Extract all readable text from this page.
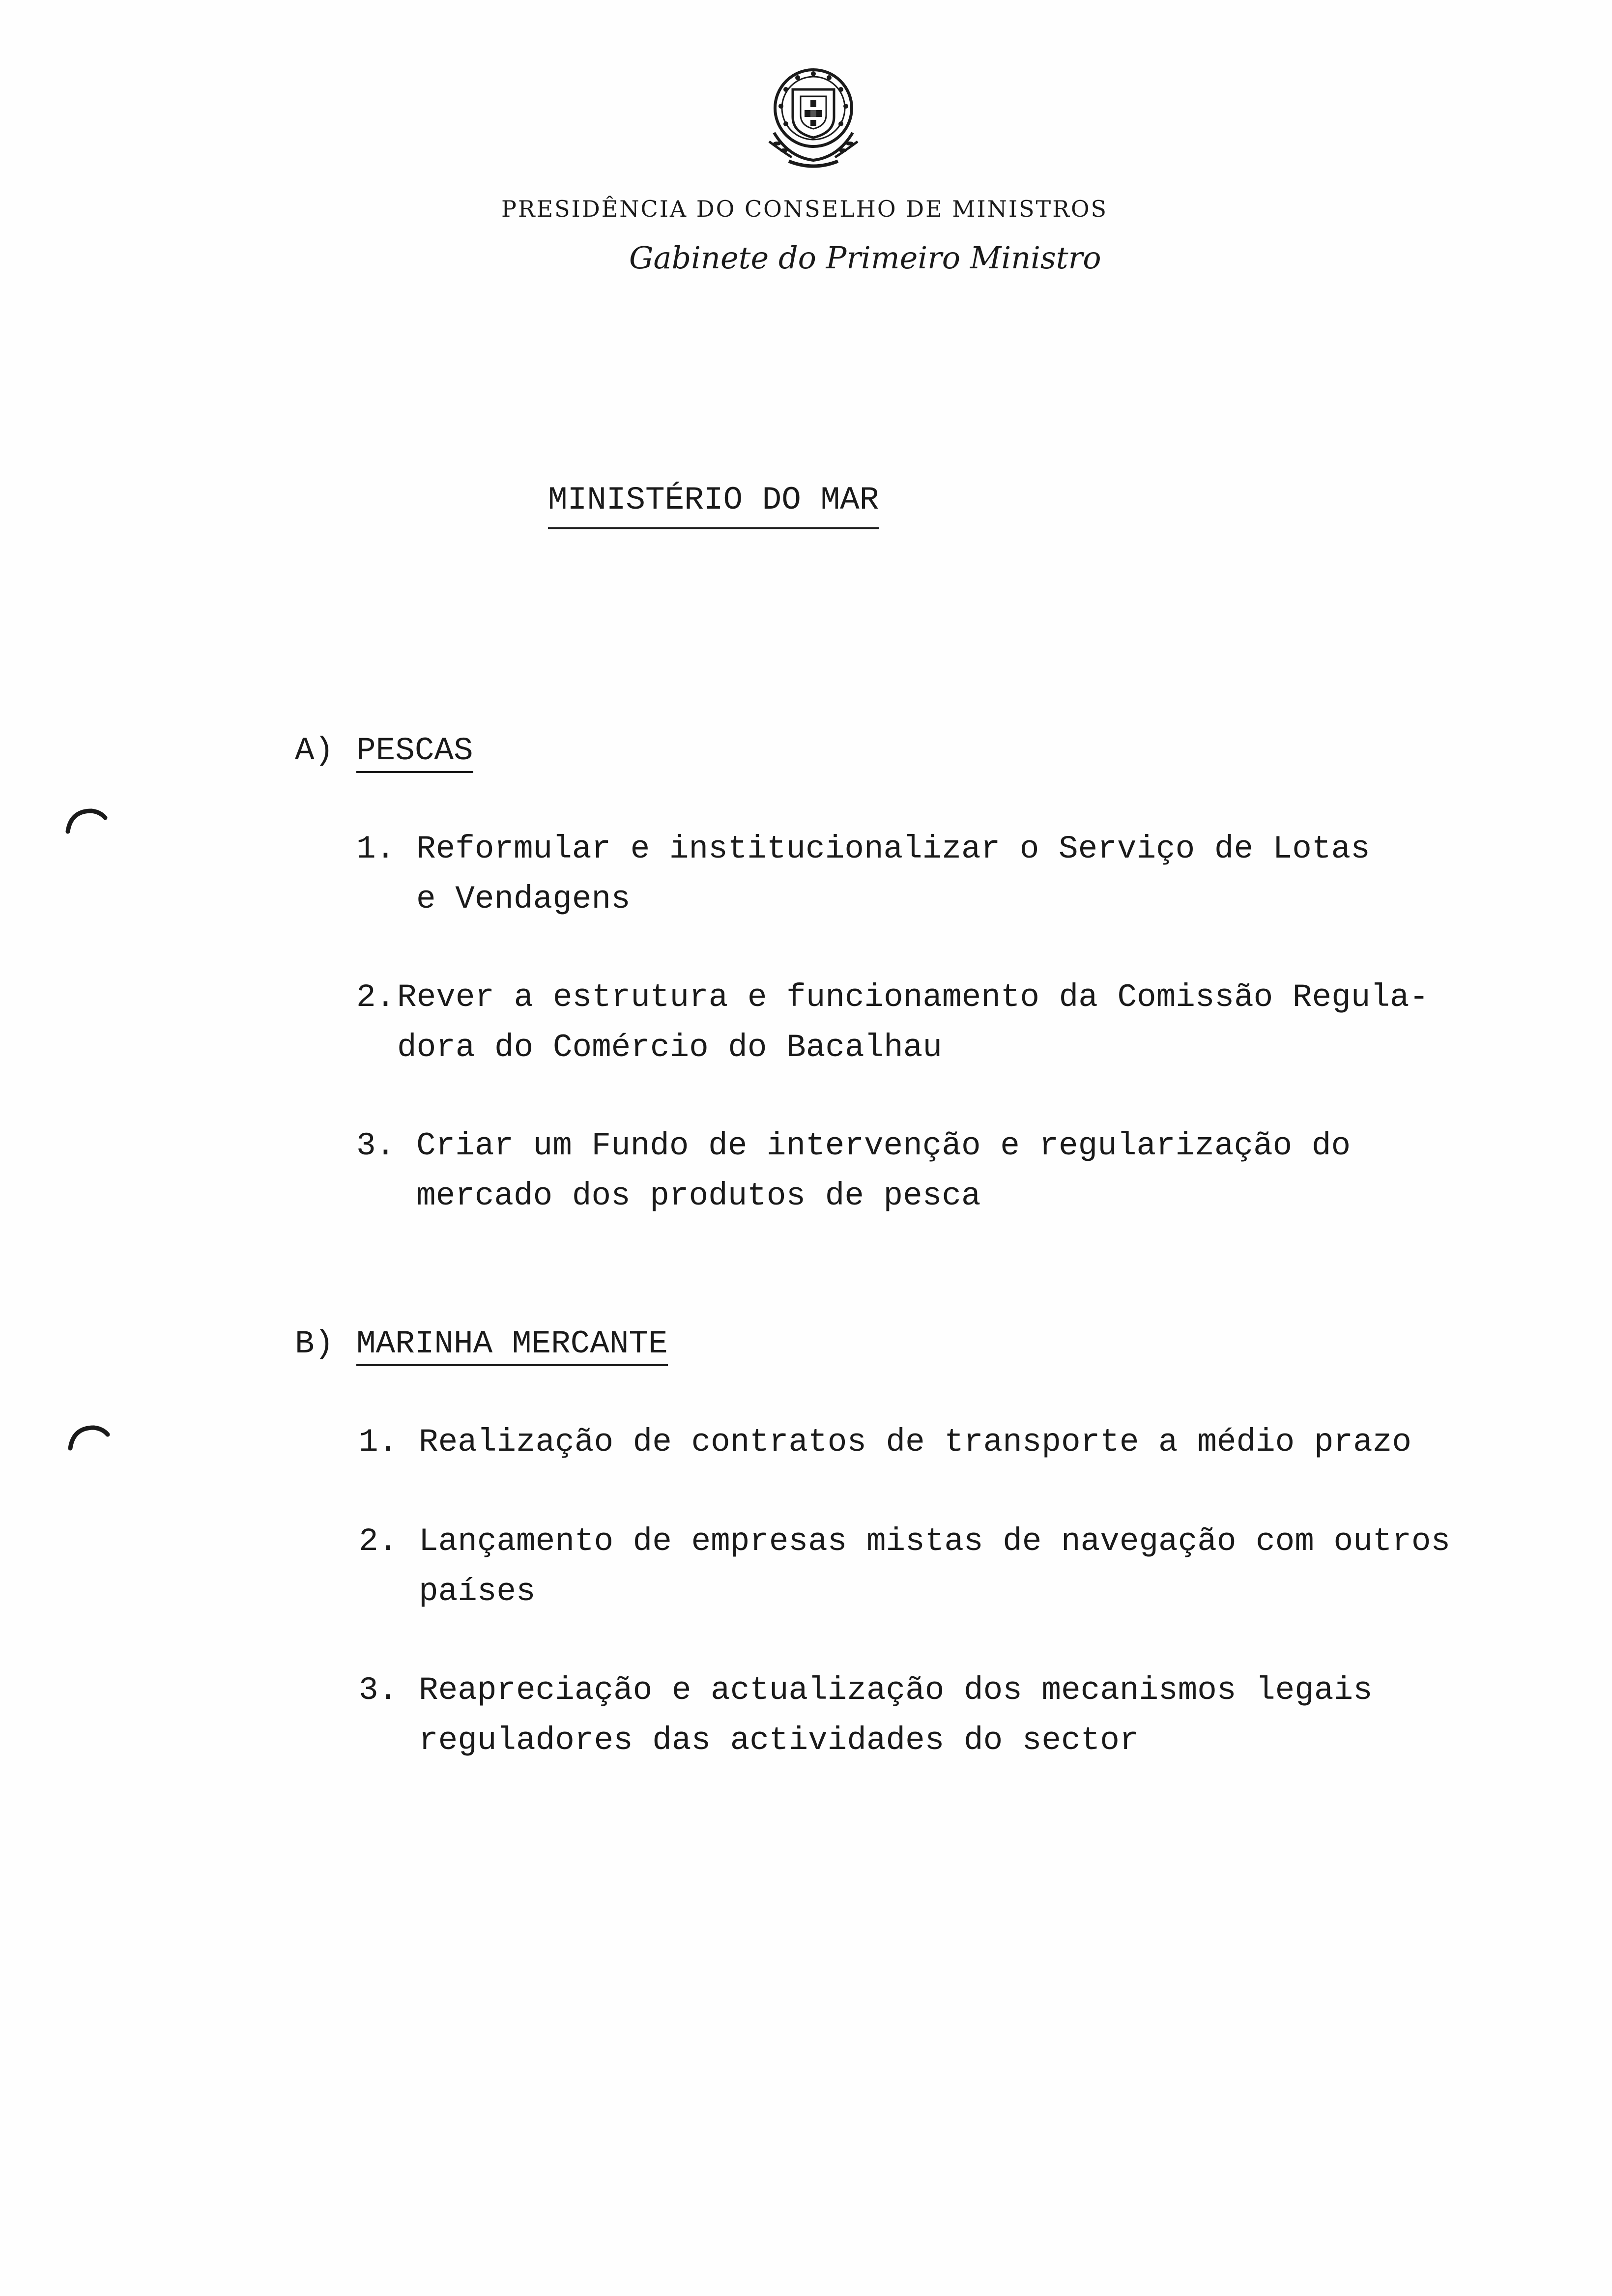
PRESIDÊNCIA DO CONSELHO DE MINISTROS
Gabinete do Primeiro Ministro
MINISTÉRIO DO MAR
A) PESCAS
1. Reformular e institucionalizar o Serviço de Lotas
e Vendagens
2. Rever a estrutura e funcionamento da Comissão Regula-
dora do Comércio do Bacalhau
3. Criar um Fundo de intervenção e regularização do
mercado dos produtos de pesca
B) MARINHA MERCANTE
1. Realização de contratos de transporte a médio prazo
2. Lançamento de empresas mistas de navegação com outros
países
3. Reapreciação e actualização dos mecanismos legais
reguladores das actividades do sector
